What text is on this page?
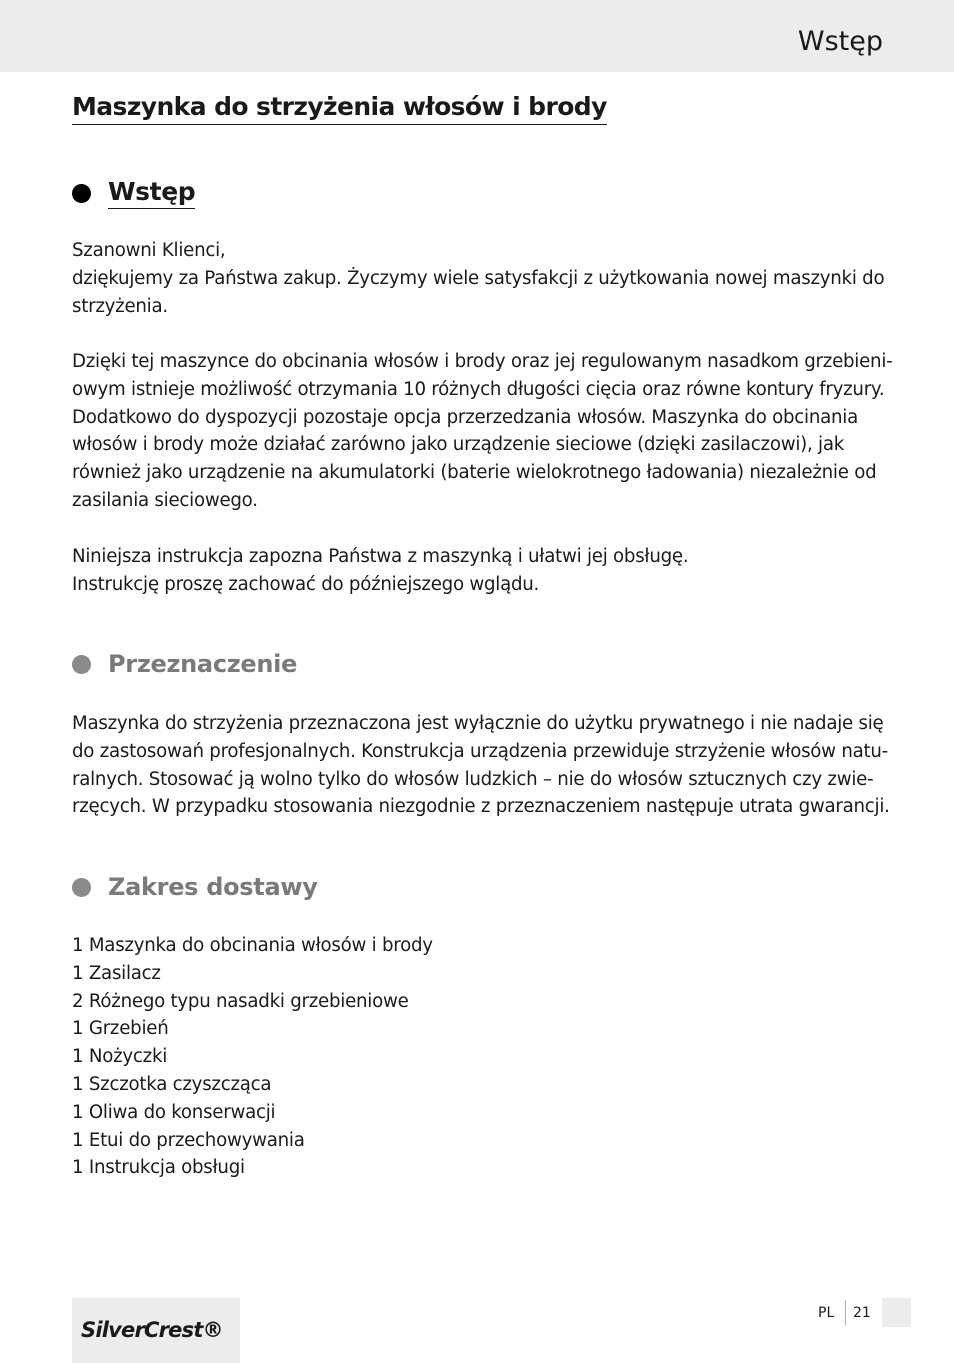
Wstęp
Maszynka do strzyżenia włosów i brody
Wstęp
Szanowni Klienci,
dziękujemy za Państwa zakup. Życzymy wiele satysfakcji z użytkowania nowej maszynki do
strzyżenia.
Dzięki tej maszynce do obcinania włosów i brody oraz jej regulowanym nasadkom grzebieni-
owym istnieje możliwość otrzymania 10 różnych długości cięcia oraz równe kontury fryzury.
Dodatkowo do dyspozycji pozostaje opcja przerzedzania włosów. Maszynka do obcinania
włosów i brody może działać zarówno jako urządzenie sieciowe (dzięki zasilaczowi), jak
również jako urządzenie na akumulatorki (baterie wielokrotnego ładowania) niezależnie od
zasilania sieciowego.
Niniejsza instrukcja zapozna Państwa z maszynką i ułatwi jej obsługę.
Instrukcję proszę zachować do późniejszego wglądu.
Przeznaczenie
Maszynka do strzyżenia przeznaczona jest wyłącznie do użytku prywatnego i nie nadaje się
do zastosowań profesjonalnych. Konstrukcja urządzenia przewiduje strzyżenie włosów natu-
ralnych. Stosować ją wolno tylko do włosów ludzkich – nie do włosów sztucznych czy zwie-
rzęcych. W przypadku stosowania niezgodnie z przeznaczeniem następuje utrata gwarancji.
Zakres dostawy
1 Maszynka do obcinania włosów i brody
1 Zasilacz
2 Różnego typu nasadki grzebieniowe
1 Grzebień
1 Nożyczki
1 Szczotka czyszcząca
1 Oliwa do konserwacji
1 Etui do przechowywania
1 Instrukcja obsługi
SilverCrest®
PL 21
